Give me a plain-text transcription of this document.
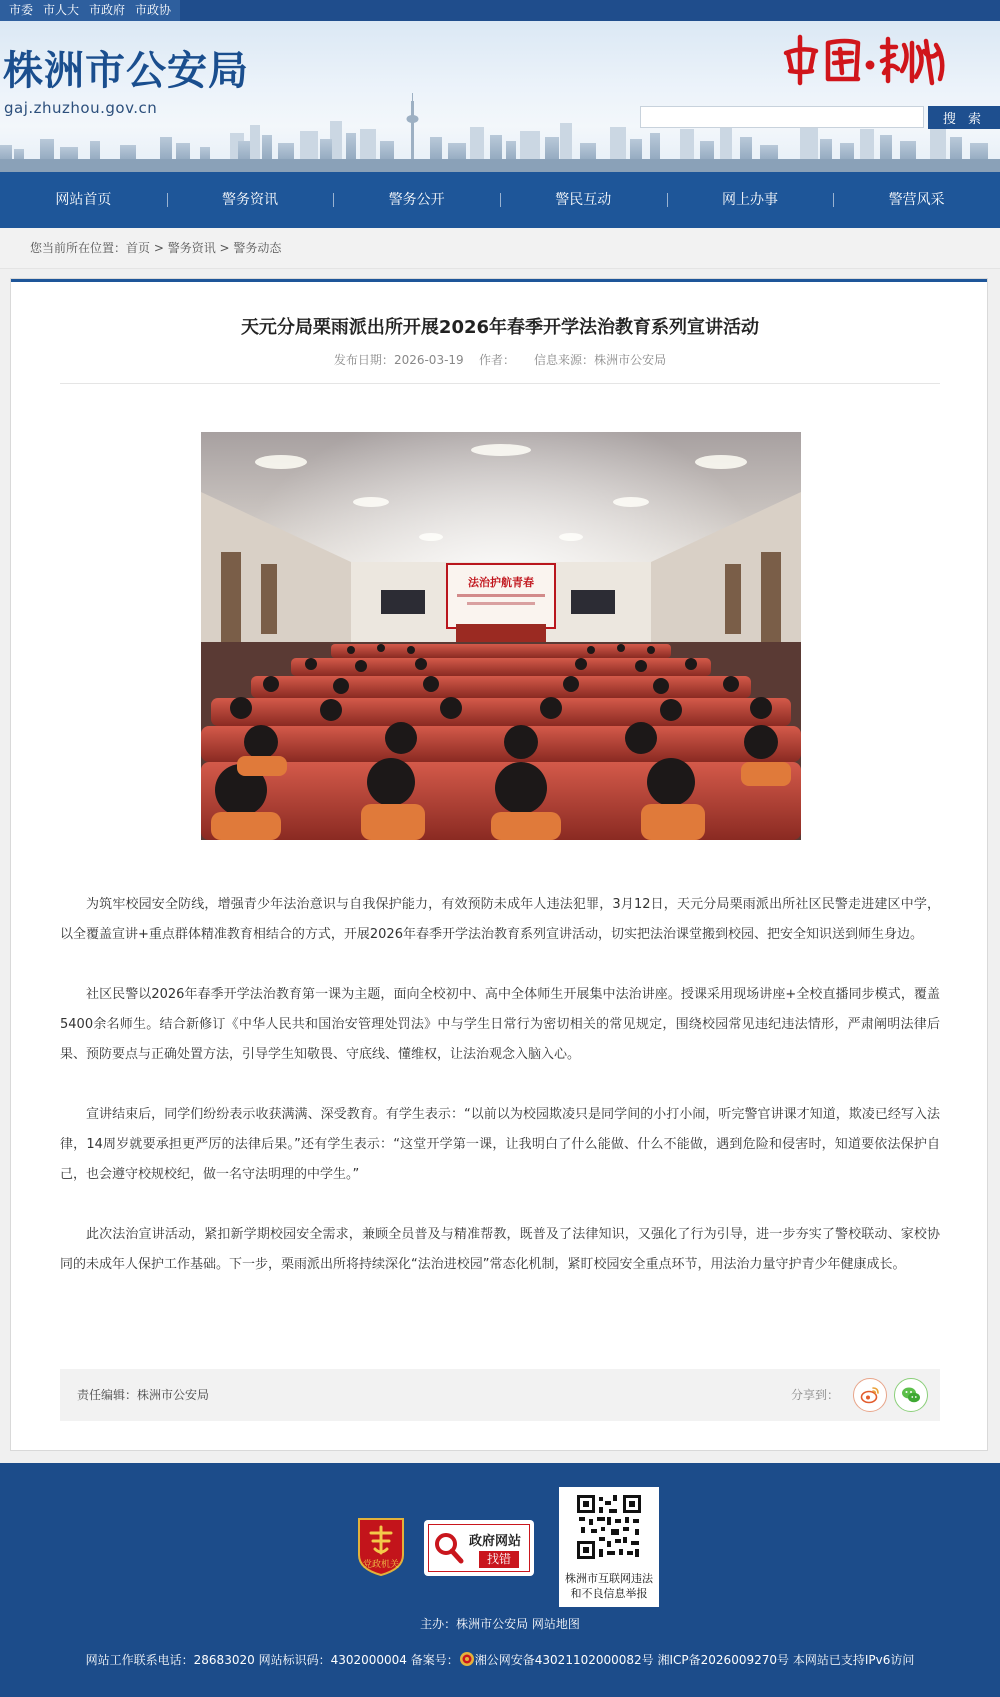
市委 市人大 市政府 市政协
株洲市公安局
gaj.zhuzhou.gov.cn
搜 索
网站首页	警务资讯	警务公开	警民互动	网上办事	警营风采
您当前所在位置： 首页 > 警务资讯 > 警务动态
天元分局栗雨派出所开展2026年春季开学法治教育系列宣讲活动
发布日期：2026-03-19 作者： 信息来源：株洲市公安局
法治护航青春

为筑牢校园安全防线，增强青少年法治意识与自我保护能力，有效预防未成年人违法犯罪，3月12日，天元分局栗雨派出所社区民警走进建区中学，以全覆盖宣讲+重点群体精准教育相结合的方式，开展2026年春季开学法治教育系列宣讲活动，切实把法治课堂搬到校园、把安全知识送到师生身边。

社区民警以2026年春季开学法治教育第一课为主题，面向全校初中、高中全体师生开展集中法治讲座。授课采用现场讲座+全校直播同步模式，覆盖5400余名师生。结合新修订《中华人民共和国治安管理处罚法》中与学生日常行为密切相关的常见规定，围绕校园常见违纪违法情形，严肃阐明法律后果、预防要点与正确处置方法，引导学生知敬畏、守底线、懂维权，让法治观念入脑入心。

宣讲结束后，同学们纷纷表示收获满满、深受教育。有学生表示：“以前以为校园欺凌只是同学间的小打小闹，听完警官讲课才知道，欺凌已经写入法律，14周岁就要承担更严厉的法律后果。”还有学生表示：“这堂开学第一课，让我明白了什么能做、什么不能做，遇到危险和侵害时，知道要依法保护自己，也会遵守校规校纪，做一名守法明理的中学生。”

此次法治宣讲活动，紧扣新学期校园安全需求，兼顾全员普及与精准帮教，既普及了法律知识，又强化了行为引导，进一步夯实了警校联动、家校协同的未成年人保护工作基础。下一步，栗雨派出所将持续深化“法治进校园”常态化机制，紧盯校园安全重点环节，用法治力量守护青少年健康成长。

责任编辑：株洲市公安局	分享到：
党政机关
政府网站
找错
株洲市互联网违法
和不良信息举报
主办：株洲市公安局 网站地图
网站工作联系电话：28683020 网站标识码：4302000004 备案号： 湘公网安备43021102000082号 湘ICP备2026009270号 本网站已支持IPv6访问
